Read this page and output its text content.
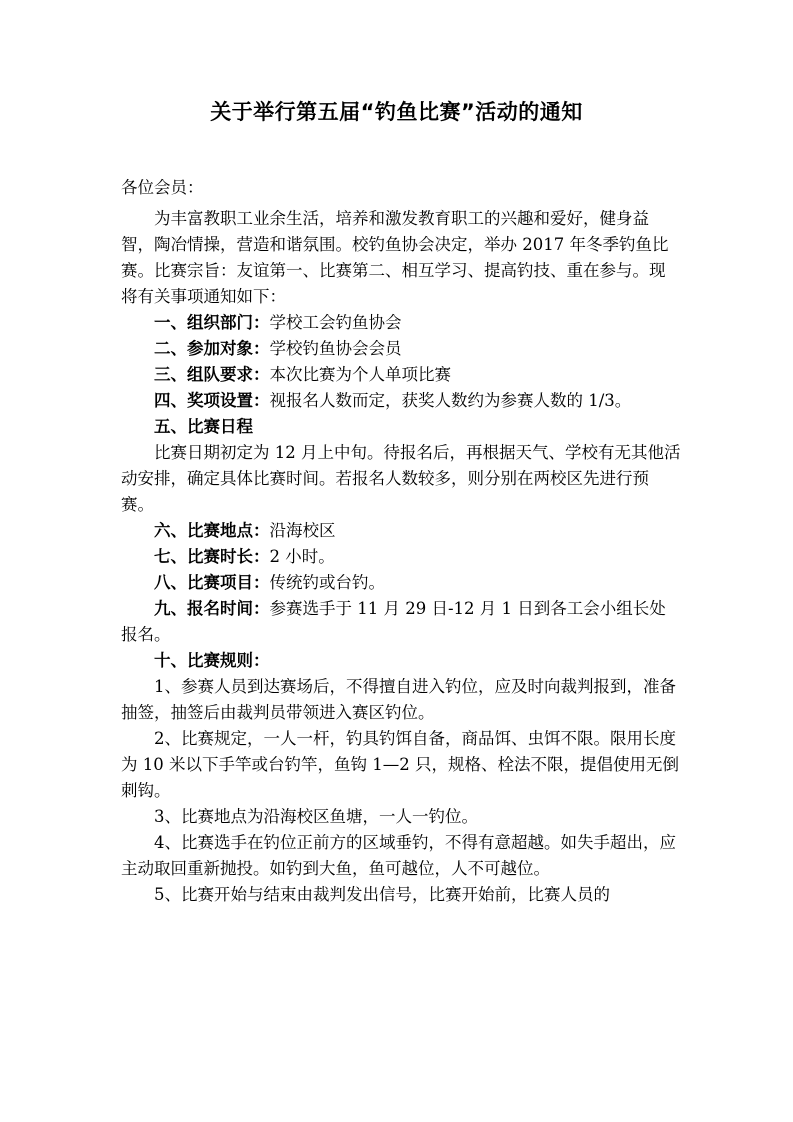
关于举行第五届“钓鱼比赛”活动的通知

各位会员：

为丰富教职工业余生活，培养和激发教育职工的兴趣和爱好，健身益智，陶冶情操，营造和谐氛围。校钓鱼协会决定，举办 2017 年冬季钓鱼比赛。比赛宗旨：友谊第一、比赛第二、相互学习、提高钓技、重在参与。现将有关事项通知如下：

一、组织部门：学校工会钓鱼协会

二、参加对象：学校钓鱼协会会员

三、组队要求：本次比赛为个人单项比赛

四、奖项设置：视报名人数而定，获奖人数约为参赛人数的 1/3。

五、比赛日程

比赛日期初定为 12 月上中旬。待报名后，再根据天气、学校有无其他活动安排，确定具体比赛时间。若报名人数较多，则分别在两校区先进行预赛。

六、比赛地点：沿海校区

七、比赛时长：2 小时。

八、比赛项目：传统钓或台钓。

九、报名时间：参赛选手于 11 月 29 日-12 月 1 日到各工会小组长处报名。

十、比赛规则：

1、参赛人员到达赛场后，不得擅自进入钓位，应及时向裁判报到，准备抽签，抽签后由裁判员带领进入赛区钓位。

2、比赛规定，一人一杆，钓具钓饵自备，商品饵、虫饵不限。限用长度为 10 米以下手竿或台钓竿，鱼钩 1—2 只，规格、栓法不限，提倡使用无倒刺钩。

3、比赛地点为沿海校区鱼塘，一人一钓位。

4、比赛选手在钓位正前方的区域垂钓，不得有意超越。如失手超出，应主动取回重新抛投。如钓到大鱼，鱼可越位，人不可越位。

5、比赛开始与结束由裁判发出信号，比赛开始前，比赛人员的
